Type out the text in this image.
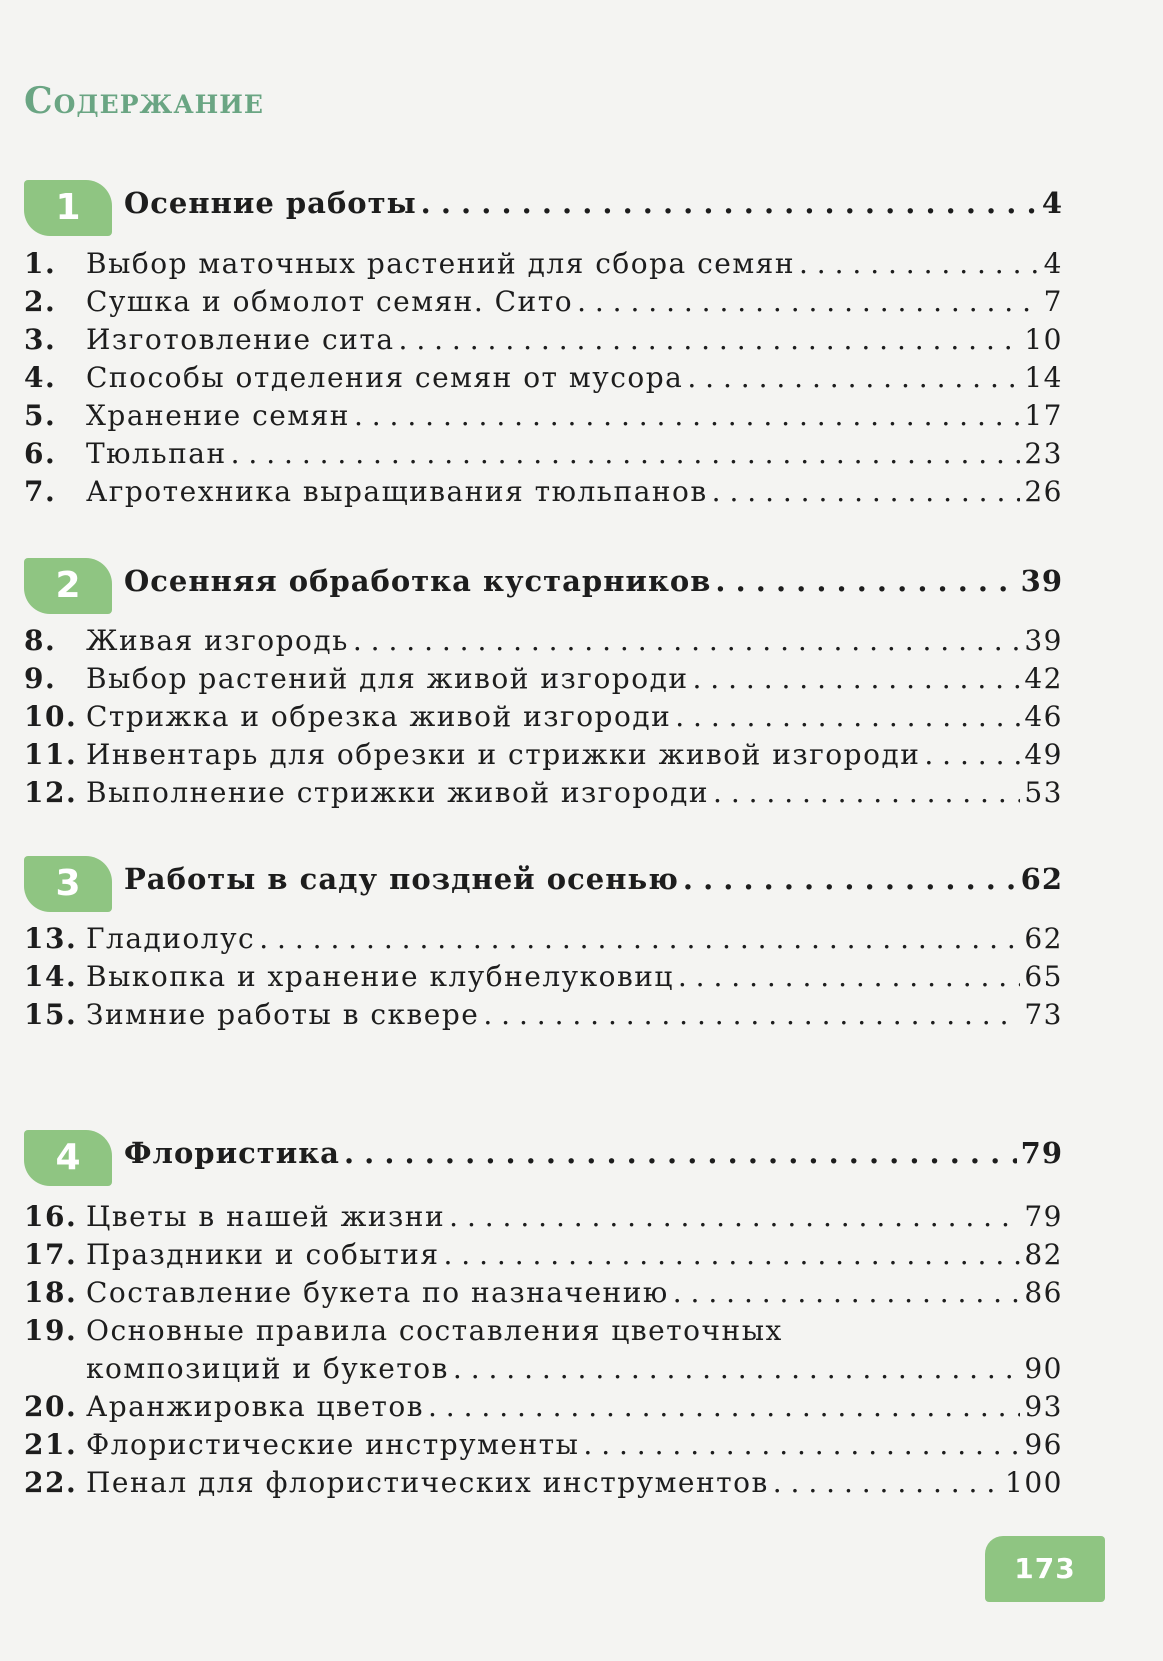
Содержание
1	Осенние работы . . .	4
1.	Выбор маточных растений для сбора семян . . .	4
2.	Сушка и обмолот семян. Сито . . .	7
3.	Изготовление сита . . .	10
4.	Способы отделения семян от мусора . . .	14
5.	Хранение семян . . .	17
6.	Тюльпан . . .	23
7.	Агротехника выращивания тюльпанов . . .	26
2	Осенняя обработка кустарников . . .	39
8.	Живая изгородь . . .	39
9.	Выбор растений для живой изгороди . . .	42
10. Стрижка и обрезка живой изгороди . . .	46
11. Инвентарь для обрезки и стрижки живой изгороди . . .	49
12. Выполнение стрижки живой изгороди . . .	53
3	Работы в саду поздней осенью . . .	62
13. Гладиолус . . .	62
14. Выкопка и хранение клубнелуковиц . . .	65
15. Зимние работы в сквере . . .	73
4	Флористика . . .	79
16. Цветы в нашей жизни . . .	79
17. Праздники и события . . .	82
18. Составление букета по назначению . . .	86
19. Основные правила составления цветочных
композиций и букетов . . .	90
20. Аранжировка цветов . . .	93
21. Флористические инструменты . . .	96
22. Пенал для флористических инструментов . . .	100
173
